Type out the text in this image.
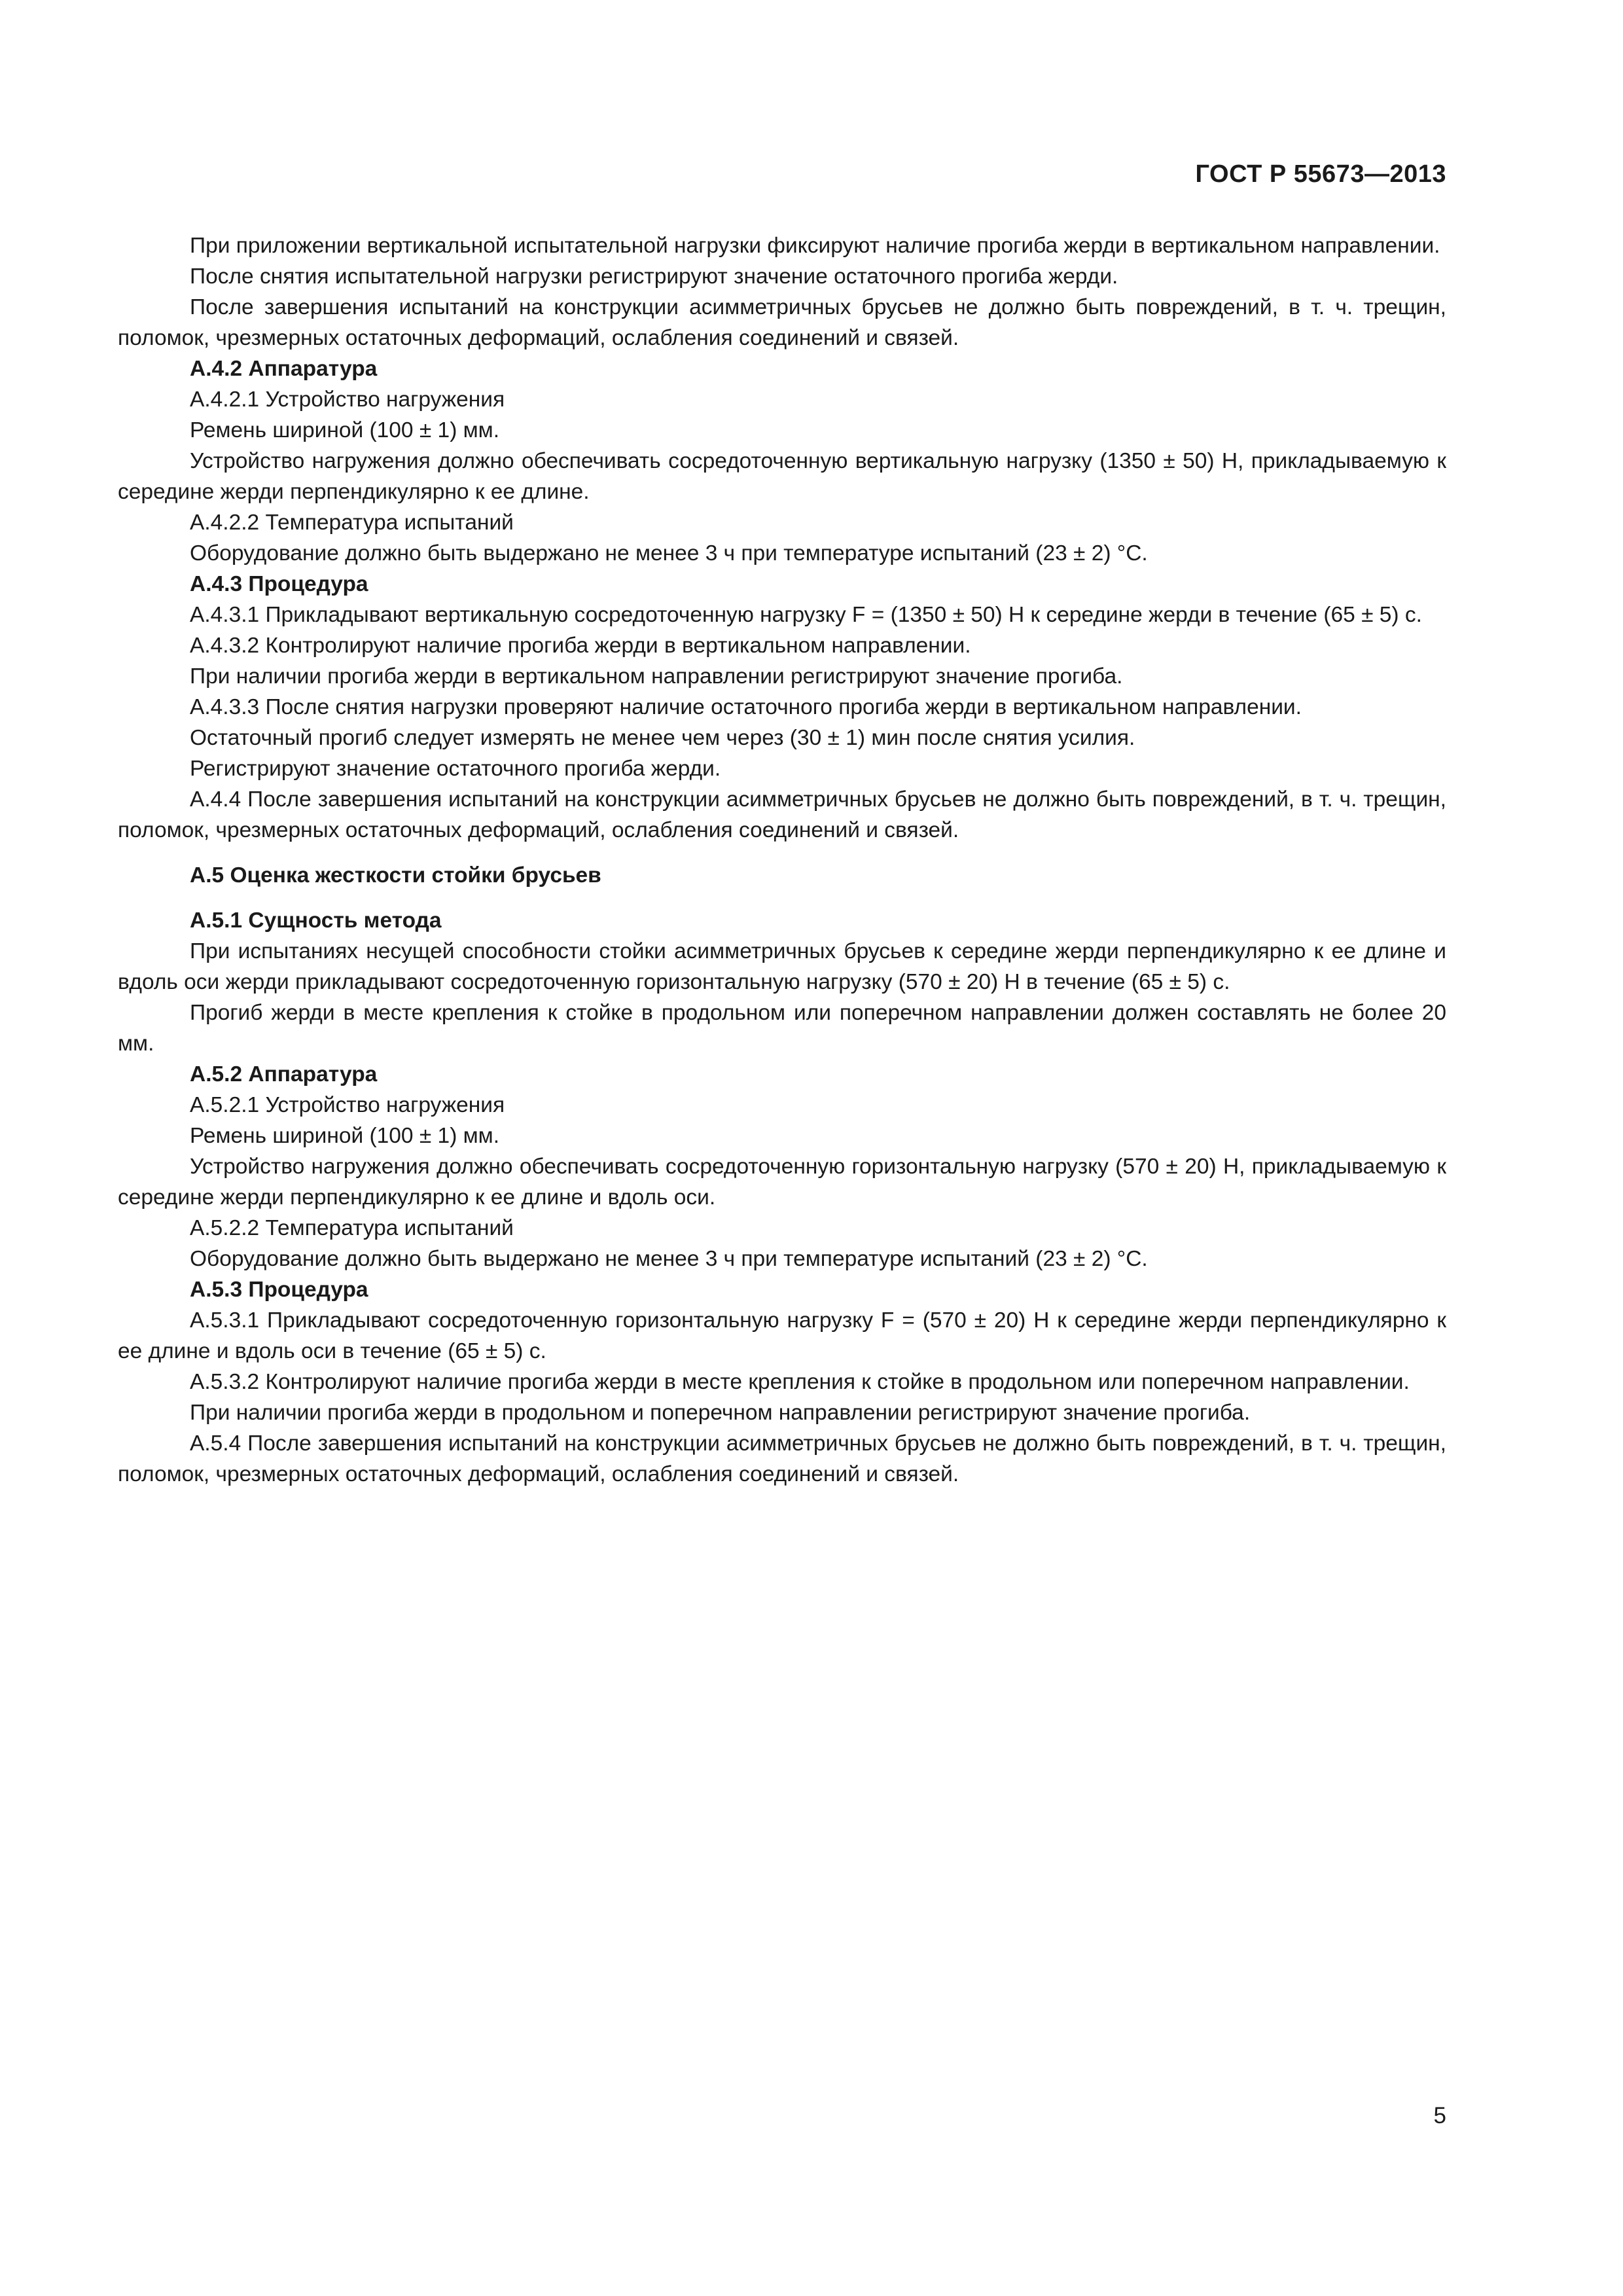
ГОСТ Р 55673—2013

При приложении вертикальной испытательной нагрузки фиксируют наличие прогиба жерди в вертикальном направлении.

После снятия испытательной нагрузки регистрируют значение остаточного прогиба жерди.

После завершения испытаний на конструкции асимметричных брусьев не должно быть повреждений, в т. ч. трещин, поломок, чрезмерных остаточных деформаций, ослабления соединений и связей.

А.4.2 Аппаратура

А.4.2.1 Устройство нагружения

Ремень шириной (100 ± 1) мм.

Устройство нагружения должно обеспечивать сосредоточенную вертикальную нагрузку (1350 ± 50) Н, прикладываемую к середине жерди перпендикулярно к ее длине.

А.4.2.2 Температура испытаний

Оборудование должно быть выдержано не менее 3 ч при температуре испытаний (23 ± 2) °С.

А.4.3 Процедура

А.4.3.1 Прикладывают вертикальную сосредоточенную нагрузку F = (1350 ± 50) Н к середине жерди в течение (65 ± 5) с.

А.4.3.2 Контролируют наличие прогиба жерди в вертикальном направлении.

При наличии прогиба жерди в вертикальном направлении регистрируют значение прогиба.

А.4.3.3 После снятия нагрузки проверяют наличие остаточного прогиба жерди в вертикальном направлении.

Остаточный прогиб следует измерять не менее чем через (30 ± 1) мин после снятия усилия.

Регистрируют значение остаточного прогиба жерди.

А.4.4 После завершения испытаний на конструкции асимметричных брусьев не должно быть повреждений, в т. ч. трещин, поломок, чрезмерных остаточных деформаций, ослабления соединений и связей.

А.5 Оценка жесткости стойки брусьев

А.5.1 Сущность метода

При испытаниях несущей способности стойки асимметричных брусьев к середине жерди перпендикулярно к ее длине и вдоль оси жерди прикладывают сосредоточенную горизонтальную нагрузку (570 ± 20) Н в течение (65 ± 5) с.

Прогиб жерди в месте крепления к стойке в продольном или поперечном направлении должен составлять не более 20 мм.

А.5.2 Аппаратура

А.5.2.1 Устройство нагружения

Ремень шириной (100 ± 1) мм.

Устройство нагружения должно обеспечивать сосредоточенную горизонтальную нагрузку (570 ± 20) Н, прикладываемую к середине жерди перпендикулярно к ее длине и вдоль оси.

А.5.2.2 Температура испытаний

Оборудование должно быть выдержано не менее 3 ч при температуре испытаний (23 ± 2) °С.

А.5.3 Процедура

А.5.3.1 Прикладывают сосредоточенную горизонтальную нагрузку F = (570 ± 20) Н к середине жерди перпендикулярно к ее длине и вдоль оси в течение (65 ± 5) с.

А.5.3.2 Контролируют наличие прогиба жерди в месте крепления к стойке в продольном или поперечном направлении.

При наличии прогиба жерди в продольном и поперечном направлении регистрируют значение прогиба.

А.5.4 После завершения испытаний на конструкции асимметричных брусьев не должно быть повреждений, в т. ч. трещин, поломок, чрезмерных остаточных деформаций, ослабления соединений и связей.

5
